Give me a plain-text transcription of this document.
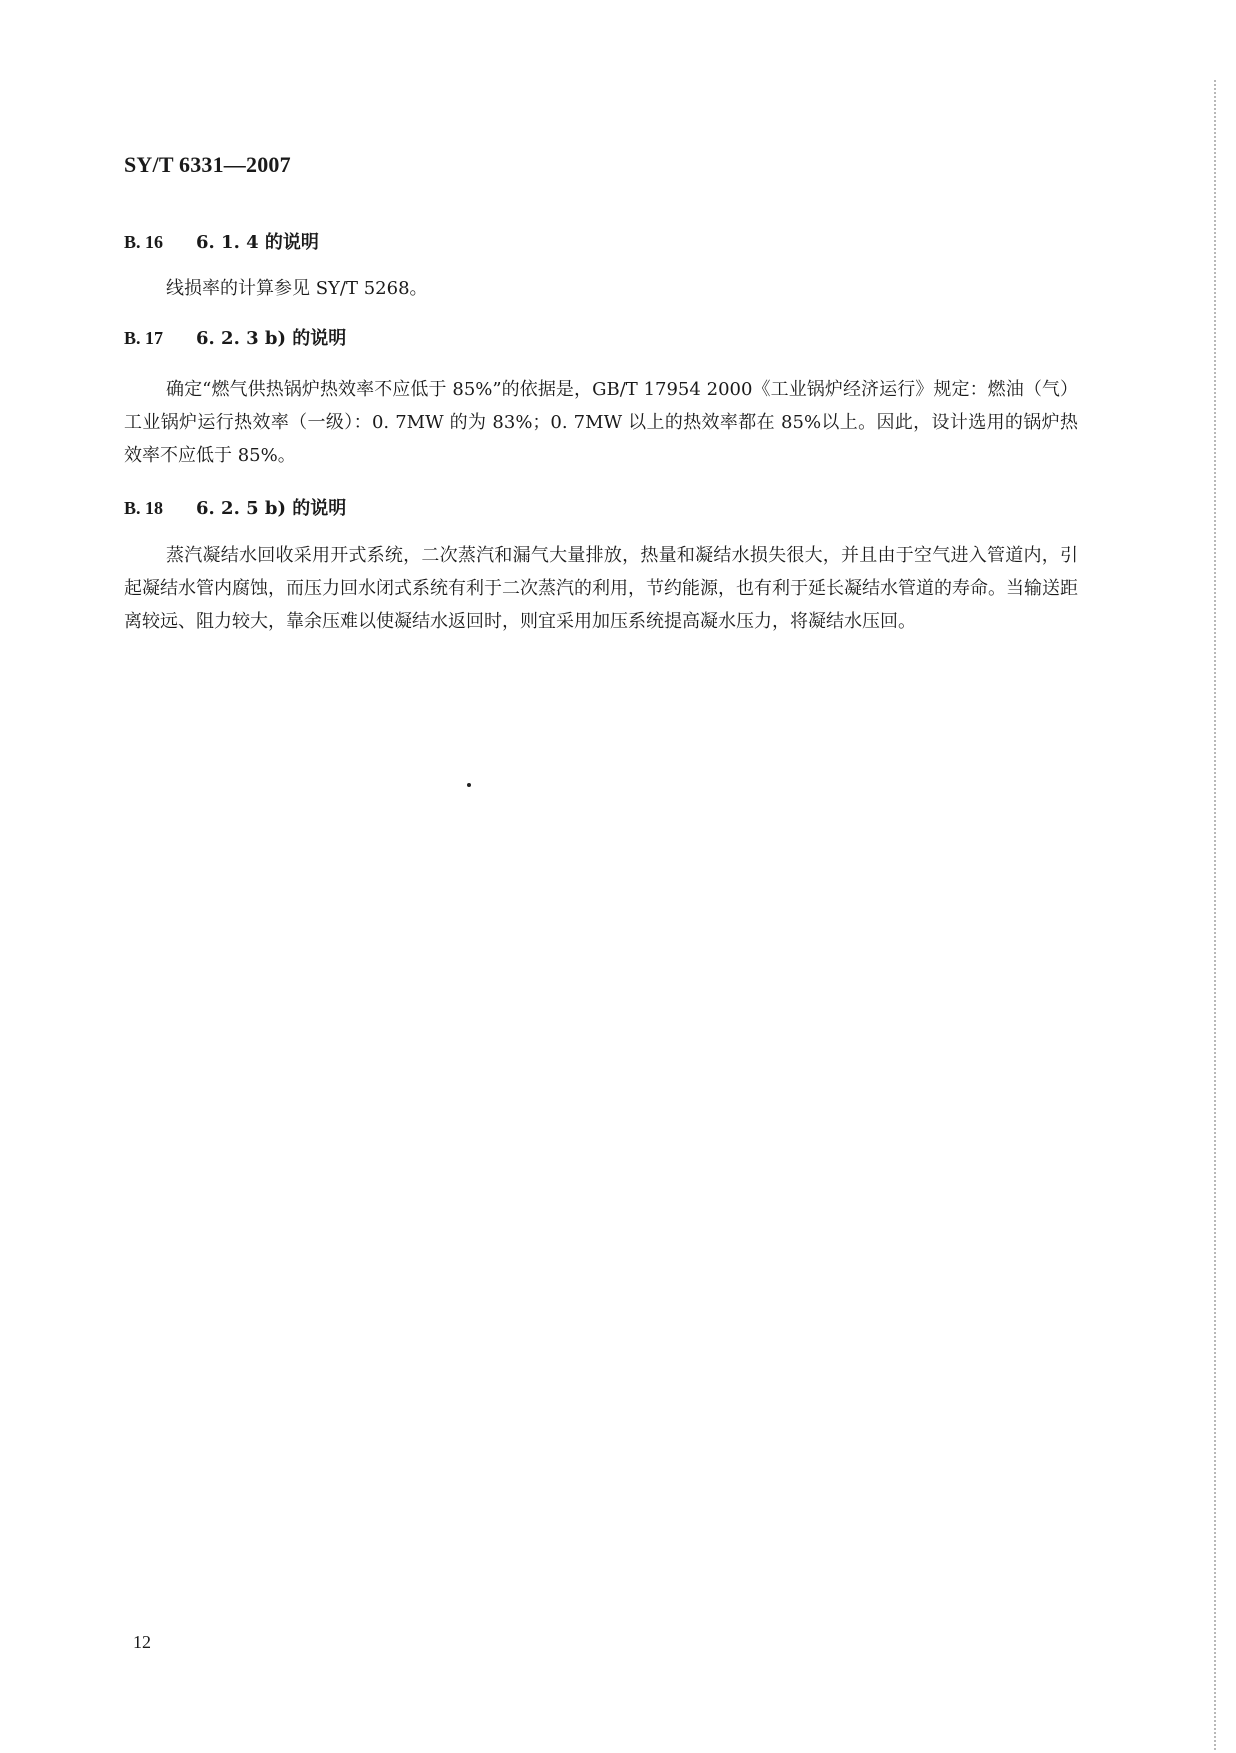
SY/T 6331—2007
B. 16 6. 1. 4 的说明

线损率的计算参见 SY/T 5268。

B. 17 6. 2. 3 b) 的说明

确定“燃气供热锅炉热效率不应低于 85%”的依据是，GB/T 17954 2000《工业锅炉经济运行》规定：燃油（气）工业锅炉运行热效率（一级）：0. 7MW 的为 83%；0. 7MW 以上的热效率都在 85%以上。因此，设计选用的锅炉热效率不应低于 85%。

B. 18 6. 2. 5 b) 的说明

蒸汽凝结水回收采用开式系统，二次蒸汽和漏气大量排放，热量和凝结水损失很大，并且由于空气进入管道内，引起凝结水管内腐蚀，而压力回水闭式系统有利于二次蒸汽的利用，节约能源，也有利于延长凝结水管道的寿命。当输送距离较远、阻力较大，靠余压难以使凝结水返回时，则宜采用加压系统提高凝水压力，将凝结水压回。

12
